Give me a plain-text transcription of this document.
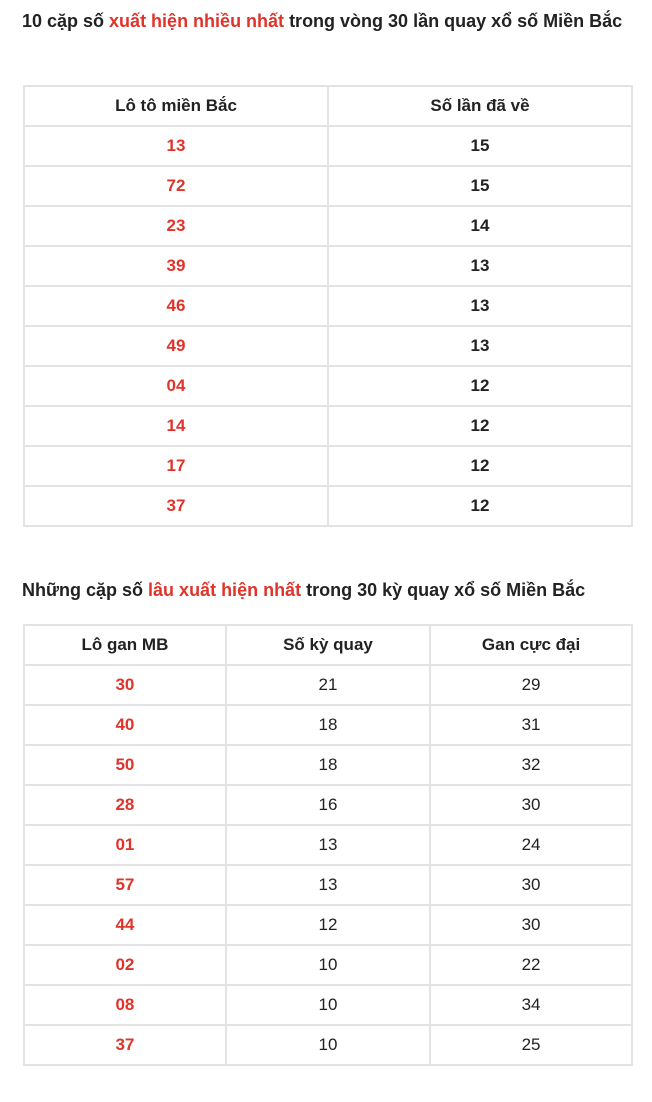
10 cặp số xuất hiện nhiều nhất trong vòng 30 lần quay xổ số Miền Bắc
Lô tô miền Bắc	Số lần đã về
13	15
72	15
23	14
39	13
46	13
49	13
04	12
14	12
17	12
37	12
Những cặp số lâu xuất hiện nhất trong 30 kỳ quay xổ số Miền Bắc
Lô gan MB	Số kỳ quay	Gan cực đại
30	21	29
40	18	31
50	18	32
28	16	30
01	13	24
57	13	30
44	12	30
02	10	22
08	10	34
37	10	25
